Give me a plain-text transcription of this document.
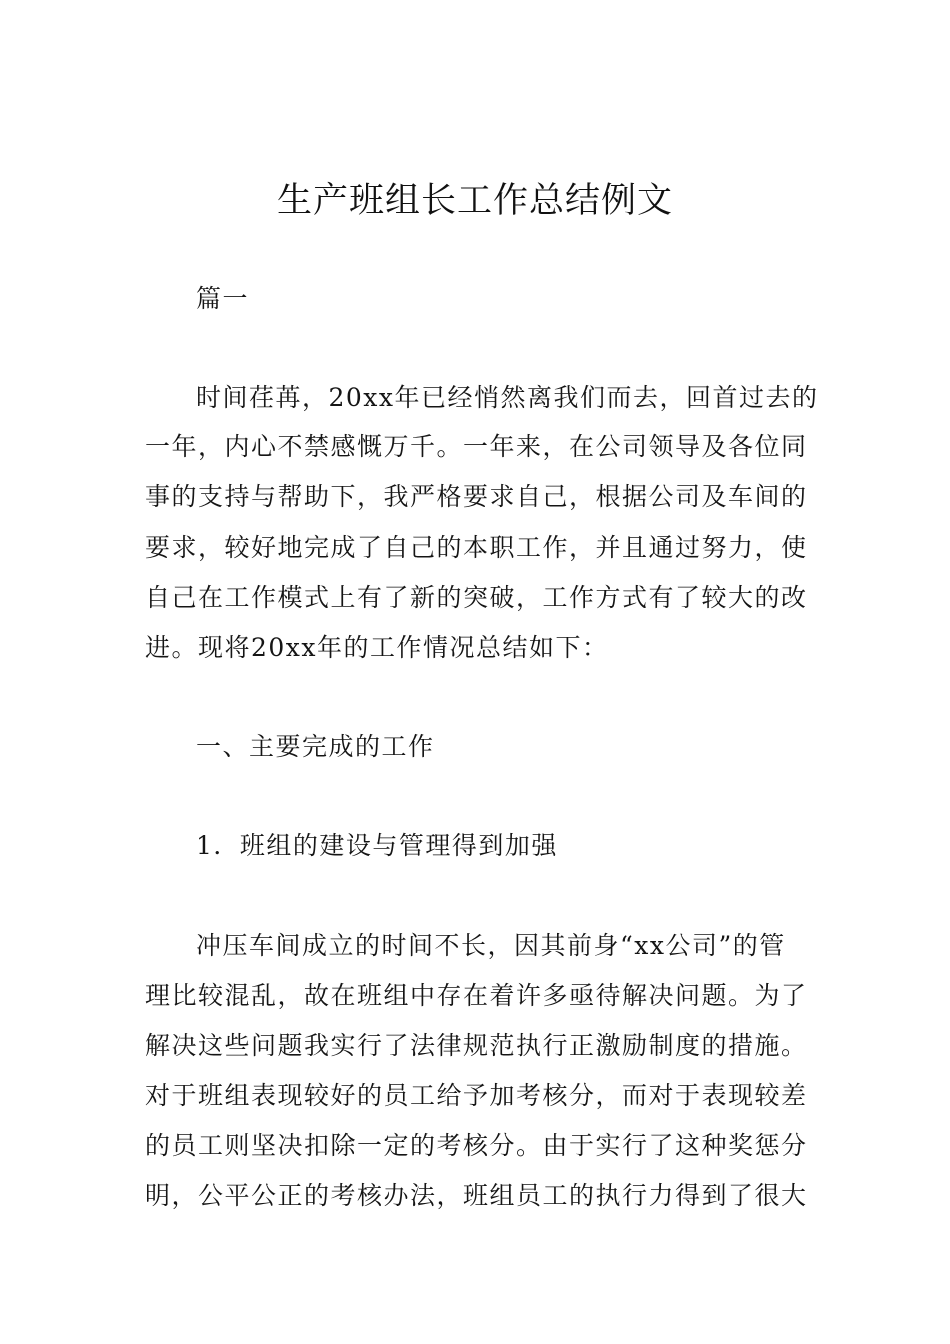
生产班组长工作总结例文
篇一
时间荏苒，20xx年已经悄然离我们而去，回首过去的
一年，内心不禁感慨万千。一年来，在公司领导及各位同
事的支持与帮助下，我严格要求自己，根据公司及车间的
要求，较好地完成了自己的本职工作，并且通过努力，使
自己在工作模式上有了新的突破，工作方式有了较大的改
进。现将20xx年的工作情况总结如下：
一、主要完成的工作
1．班组的建设与管理得到加强
冲压车间成立的时间不长，因其前身“xx公司”的管
理比较混乱，故在班组中存在着许多亟待解决问题。为了
解决这些问题我实行了法律规范执行正激励制度的措施。
对于班组表现较好的员工给予加考核分，而对于表现较差
的员工则坚决扣除一定的考核分。由于实行了这种奖惩分
明，公平公正的考核办法，班组员工的执行力得到了很大
